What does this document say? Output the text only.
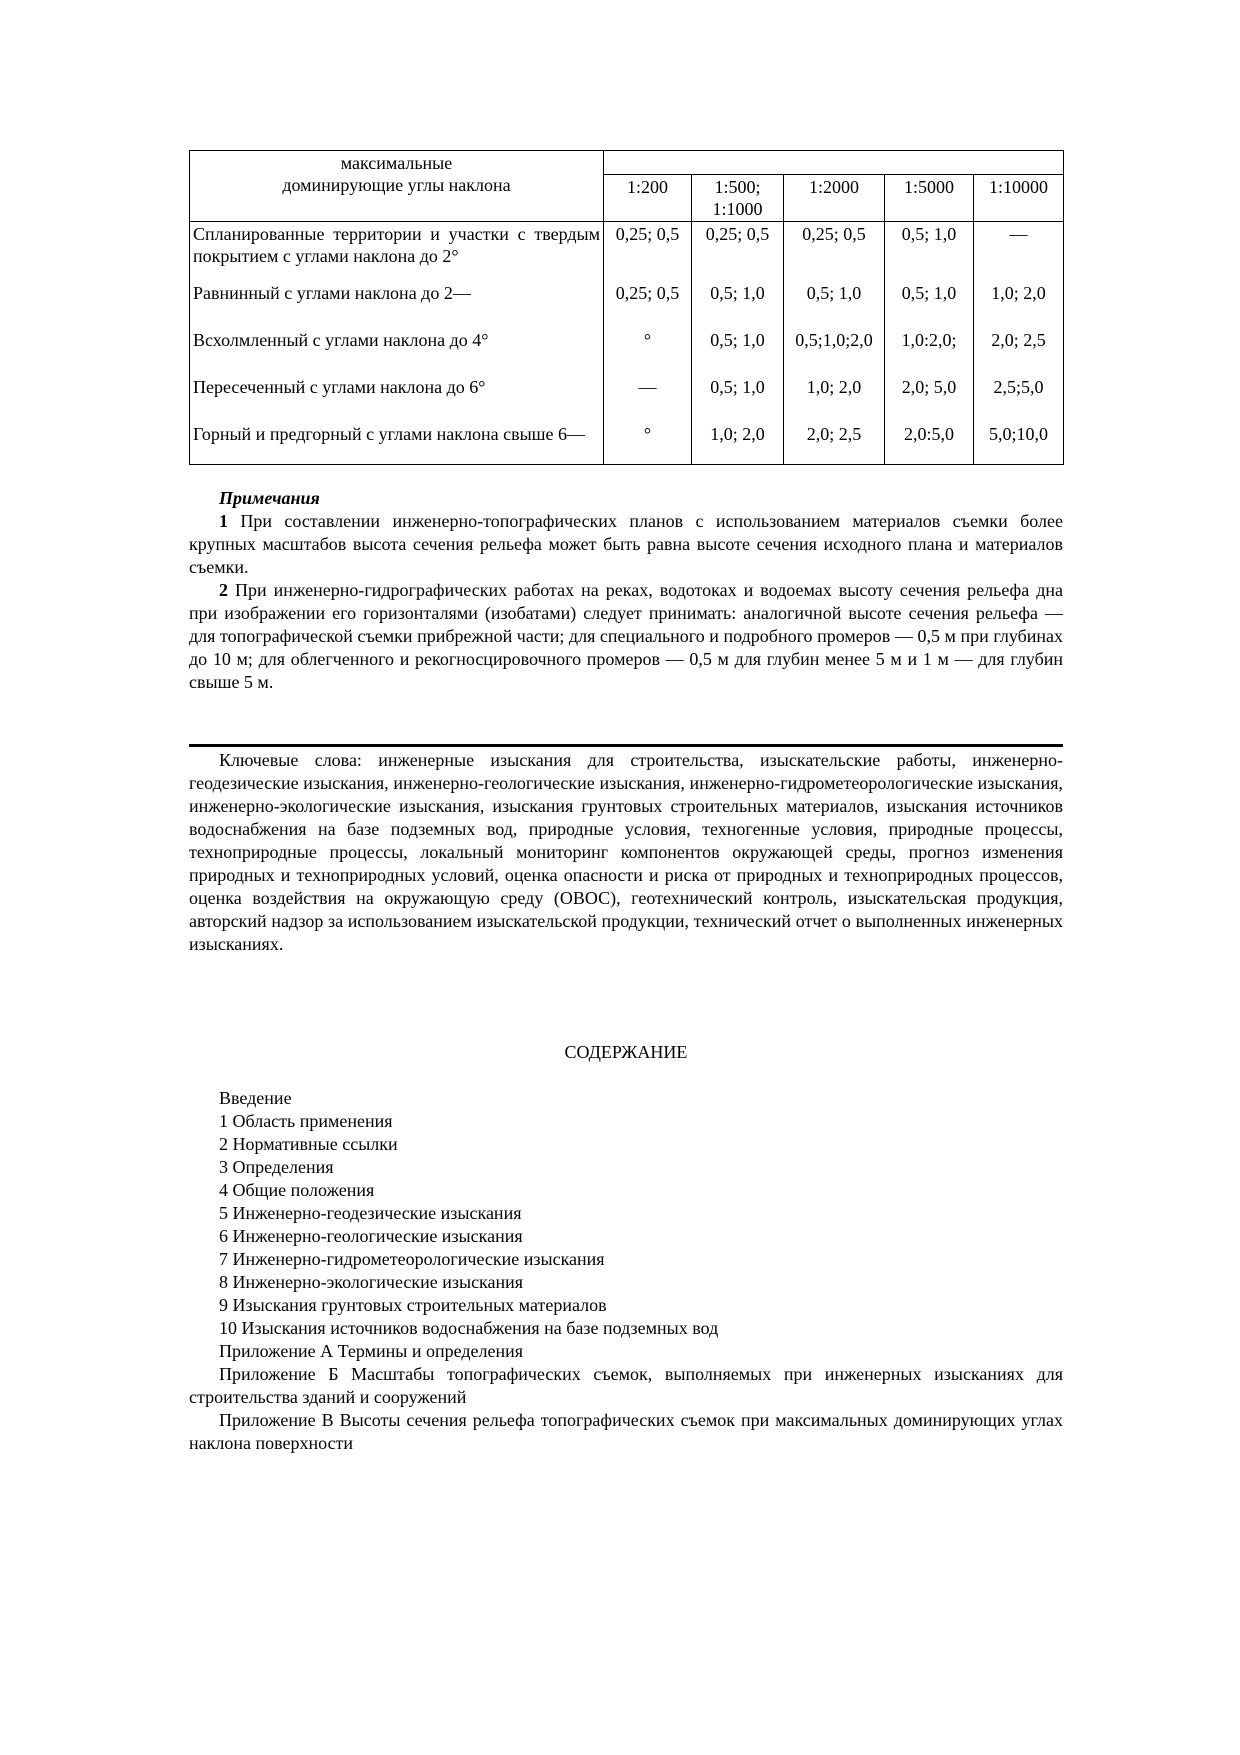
максимальные
доминирующие углы наклона					

	1:200	1:500; 1:1000	1:2000	1:5000	1:10000
Спланированные территории и участки с твердым покрытием с углами наклона до 2°	0,25; 0,5	0,25; 0,5	0,25; 0,5	0,5; 1,0	—
Равнинный с углами наклона до 2—	0,25; 0,5	0,5; 1,0	0,5; 1,0	0,5; 1,0	1,0; 2,0
Всхолмленный с углами наклона до 4°	°	0,5; 1,0	0,5;1,0;2,0	1,0:2,0;	2,0; 2,5
Пересеченный с углами наклона до 6°	—	0,5; 1,0	1,0; 2,0	2,0; 5,0	2,5;5,0
Горный и предгорный с углами наклона свыше 6—	°	1,0; 2,0	2,0; 2,5	2,0:5,0	5,0;10,0

Примечания

1 При составлении инженерно-топографических планов с использованием материалов съемки более крупных масштабов высота сечения рельефа может быть равна высоте сечения исходного плана и материалов съемки.

2 При инженерно-гидрографических работах на реках, водотоках и водоемах высоту сечения рельефа дна при изображении его горизонталями (изобатами) следует принимать: аналогичной высоте сечения рельефа — для топографической съемки прибрежной части; для специального и подробного промеров — 0,5 м при глубинах до 10 м; для облегченного и рекогносцировочного промеров — 0,5 м для глубин менее 5 м и 1 м — для глубин свыше 5 м.

Ключевые слова: инженерные изыскания для строительства, изыскательские работы, инженерно-геодезические изыскания, инженерно-геологические изыскания, инженерно-гидрометеорологические изыскания, инженерно-экологические изыскания, изыскания грунтовых строительных материалов, изыскания источников водоснабжения на базе подземных вод, природные условия, техногенные условия, природные процессы, техноприродные процессы, локальный мониторинг компонентов окружающей среды, прогноз изменения природных и техноприродных условий, оценка опасности и риска от природных и техноприродных процессов, оценка воздействия на окружающую среду (ОВОС), геотехнический контроль, изыскательская продукция, авторский надзор за использованием изыскательской продукции, технический отчет о выполненных инженерных изысканиях.

СОДЕРЖАНИЕ

Введение

1 Область применения

2 Нормативные ссылки

3 Определения

4 Общие положения

5 Инженерно-геодезические изыскания

6 Инженерно-геологические изыскания

7 Инженерно-гидрометеорологические изыскания

8 Инженерно-экологические изыскания

9 Изыскания грунтовых строительных материалов

10 Изыскания источников водоснабжения на базе подземных вод

Приложение А Термины и определения

Приложение Б Масштабы топографических съемок, выполняемых при инженерных изысканиях для строительства зданий и сооружений

Приложение В Высоты сечения рельефа топографических съемок при максимальных доминирующих углах наклона поверхности
